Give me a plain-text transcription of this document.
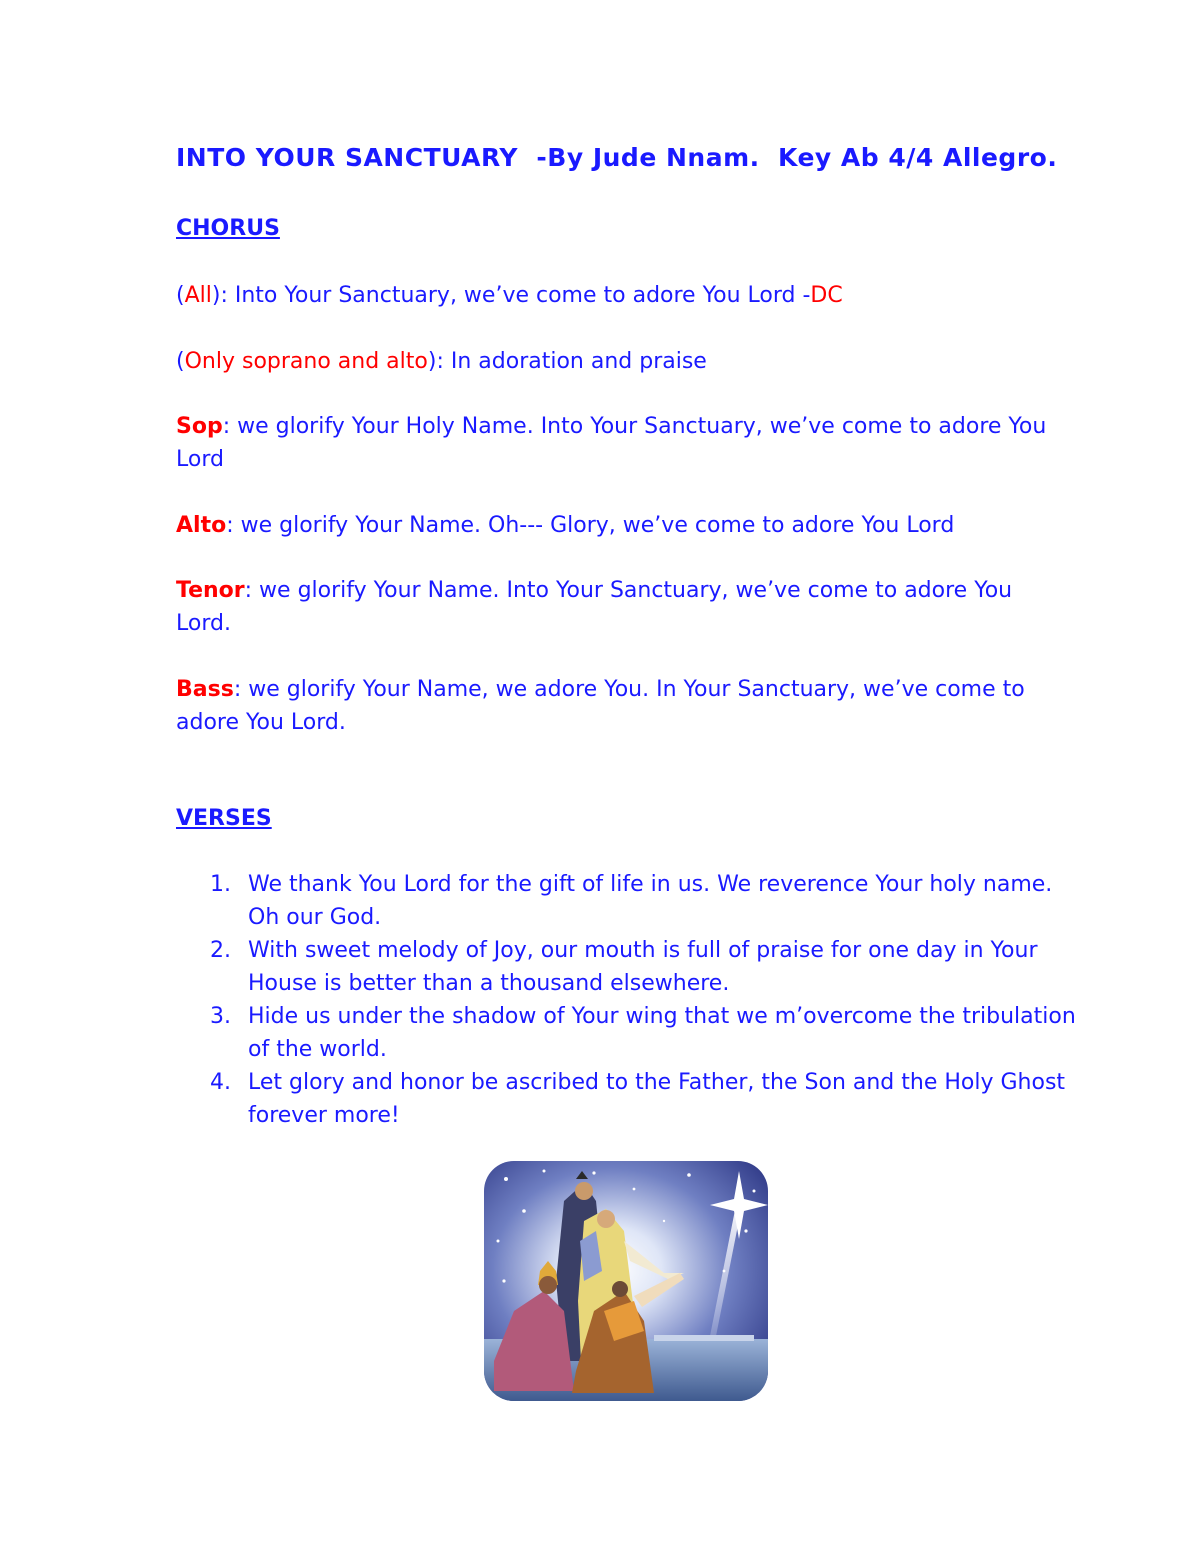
INTO YOUR SANCTUARY  -By Jude Nnam.  Key Ab 4/4 Allegro.
CHORUS
(All): Into Your Sanctuary, we’ve come to adore You Lord -DC
(Only soprano and alto): In adoration and praise
Sop: we glorify Your Holy Name. Into Your Sanctuary, we’ve come to adore You Lord
Alto: we glorify Your Name. Oh--- Glory, we’ve come to adore You Lord
Tenor: we glorify Your Name. Into Your Sanctuary, we’ve come to adore You Lord.
Bass: we glorify Your Name, we adore You. In Your Sanctuary, we’ve come to adore You Lord.
VERSES
1. We thank You Lord for the gift of life in us. We reverence Your holy name. Oh our God.
2. With sweet melody of Joy, our mouth is full of praise for one day in Your House is better than a thousand elsewhere.
3. Hide us under the shadow of Your wing that we m’overcome the tribulation of the world.
4. Let glory and honor be ascribed to the Father, the Son and the Holy Ghost forever more!
